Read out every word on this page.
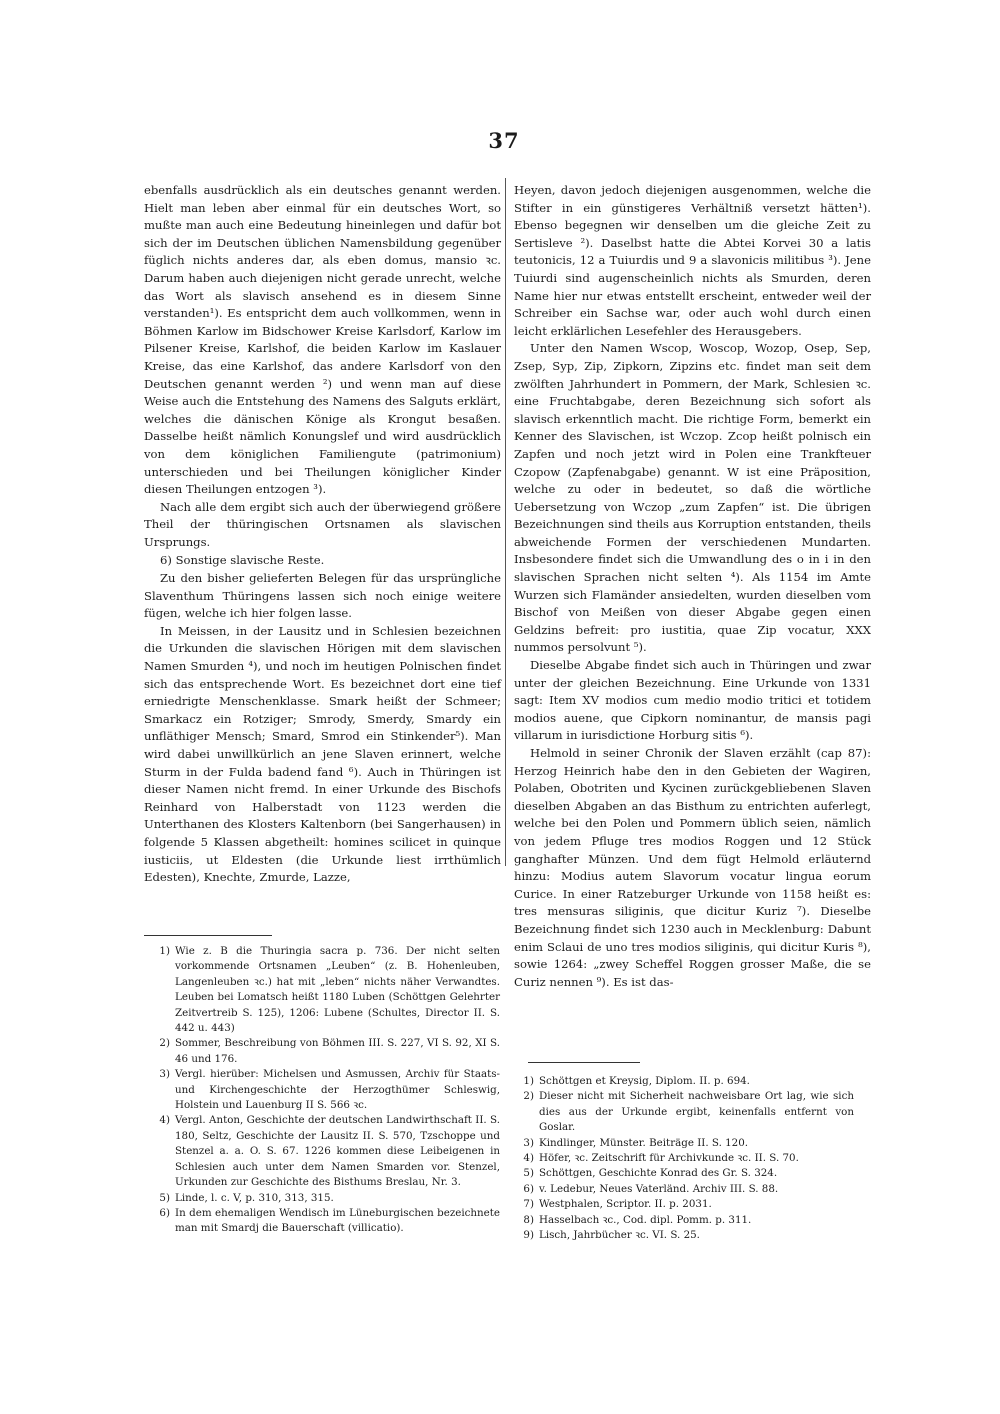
37

ebenfalls ausdrücklich als ein deutsches genannt werden. Hielt man leben aber einmal für ein deutsches Wort, so mußte man auch eine Bedeutung hineinlegen und dafür bot sich der im Deutschen üblichen Namensbildung gegenüber füglich nichts anderes dar, als eben domus, mansio ꝛc. Darum haben auch diejenigen nicht gerade unrecht, welche das Wort als slavisch ansehend es in diesem Sinne verstanden¹). Es entspricht dem auch vollkommen, wenn in Böhmen Karlow im Bidschower Kreise Karlsdorf, Karlow im Pilsener Kreise, Karlshof, die beiden Karlow im Kaslauer Kreise, das eine Karlshof, das andere Karlsdorf von den Deutschen genannt werden ²) und wenn man auf diese Weise auch die Entstehung des Namens des Salguts erklärt, welches die dänischen Könige als Krongut besaßen. Dasselbe heißt nämlich Konungslef und wird ausdrücklich von dem königlichen Familiengute (patrimonium) unterschieden und bei Theilungen königlicher Kinder diesen Theilungen entzogen ³).

Nach alle dem ergibt sich auch der überwiegend größere Theil der thüringischen Ortsnamen als slavischen Ursprungs.

6) Sonstige slavische Reste.

Zu den bisher gelieferten Belegen für das ursprüngliche Slaventhum Thüringens lassen sich noch einige weitere fügen, welche ich hier folgen lasse.

In Meissen, in der Lausitz und in Schlesien bezeichnen die Urkunden die slavischen Hörigen mit dem slavischen Namen Smurden ⁴), und noch im heutigen Polnischen findet sich das entsprechende Wort. Es bezeichnet dort eine tief erniedrigte Menschenklasse. Smark heißt der Schmeer; Smarkacz ein Rotziger; Smrody, Smerdy, Smardy ein unfläthiger Mensch; Smard, Smrod ein Stinkender⁵). Man wird dabei unwillkürlich an jene Slaven erinnert, welche Sturm in der Fulda badend fand ⁶). Auch in Thüringen ist dieser Namen nicht fremd. In einer Urkunde des Bischofs Reinhard von Halberstadt von 1123 werden die Unterthanen des Klosters Kaltenborn (bei Sangerhausen) in folgende 5 Klassen abgetheilt: homines scilicet in quinque iusticiis, ut Eldesten (die Urkunde liest irrthümlich Edesten), Knechte, Zmurde, Lazze,

Heyen, davon jedoch diejenigen ausgenommen, welche die Stifter in ein günstigeres Verhältniß versetzt hätten¹). Ebenso begegnen wir denselben um die gleiche Zeit zu Sertisleve ²). Daselbst hatte die Abtei Korvei 30 a latis teutonicis, 12 a Tuiurdis und 9 a slavonicis militibus ³). Jene Tuiurdi sind augenscheinlich nichts als Smurden, deren Name hier nur etwas entstellt erscheint, entweder weil der Schreiber ein Sachse war, oder auch wohl durch einen leicht erklärlichen Lesefehler des Herausgebers.

Unter den Namen Wscop, Woscop, Wozop, Osep, Sep, Zsep, Syp, Zip, Zipkorn, Zipzins etc. findet man seit dem zwölften Jahrhundert in Pommern, der Mark, Schlesien ꝛc. eine Fruchtabgabe, deren Bezeichnung sich sofort als slavisch erkenntlich macht. Die richtige Form, bemerkt ein Kenner des Slavischen, ist Wczop. Zcop heißt polnisch ein Zapfen und noch jetzt wird in Polen eine Trankfteuer Czopow (Zapfenabgabe) genannt. W ist eine Präposition, welche zu oder in bedeutet, so daß die wörtliche Uebersetzung von Wczop „zum Zapfen“ ist. Die übrigen Bezeichnungen sind theils aus Korruption entstanden, theils abweichende Formen der verschiedenen Mundarten. Insbesondere findet sich die Umwandlung des o in i in den slavischen Sprachen nicht selten ⁴). Als 1154 im Amte Wurzen sich Flamänder ansiedelten, wurden dieselben vom Bischof von Meißen von dieser Abgabe gegen einen Geldzins befreit: pro iustitia, quae Zip vocatur, XXX nummos persolvunt ⁵).

Dieselbe Abgabe findet sich auch in Thüringen und zwar unter der gleichen Bezeichnung. Eine Urkunde von 1331 sagt: Item XV modios cum medio modio tritici et totidem modios auene, que Cipkorn nominantur, de mansis pagi villarum in iurisdictione Horburg sitis ⁶).

Helmold in seiner Chronik der Slaven erzählt (cap 87): Herzog Heinrich habe den in den Gebieten der Wagiren, Polaben, Obotriten und Kycinen zurückgebliebenen Slaven dieselben Abgaben an das Bisthum zu entrichten auferlegt, welche bei den Polen und Pommern üblich seien, nämlich von jedem Pfluge tres modios Roggen und 12 Stück ganghafter Münzen. Und dem fügt Helmold erläuternd hinzu: Modius autem Slavorum vocatur lingua eorum Curice. In einer Ratzeburger Urkunde von 1158 heißt es: tres mensuras siliginis, que dicitur Kuriz ⁷). Dieselbe Bezeichnung findet sich 1230 auch in Mecklenburg: Dabunt enim Sclaui de uno tres modios siliginis, qui dicitur Kuris ⁸), sowie 1264: „zwey Scheffel Roggen grosser Maße, die se Curiz nennen ⁹). Es ist das-

1) Wie z. B die Thuringia sacra p. 736. Der nicht selten vorkommende Ortsnamen „Leuben“ (z. B. Hohenleuben, Langenleuben ꝛc.) hat mit „leben“ nichts näher Verwandtes. Leuben bei Lomatsch heißt 1180 Luben (Schöttgen Gelehrter Zeitvertreib S. 125), 1206: Lubene (Schultes, Director II. S. 442 u. 443)
2) Sommer, Beschreibung von Böhmen III. S. 227, VI S. 92, XI S. 46 und 176.
3) Vergl. hierüber: Michelsen und Asmussen, Archiv für Staats- und Kirchengeschichte der Herzogthümer Schleswig, Holstein und Lauenburg II S. 566 ꝛc.
4) Vergl. Anton, Geschichte der deutschen Landwirthschaft II. S. 180, Seltz, Geschichte der Lausitz II. S. 570, Tzschoppe und Stenzel a. a. O. S. 67. 1226 kommen diese Leibeigenen in Schlesien auch unter dem Namen Smarden vor. Stenzel, Urkunden zur Geschichte des Bisthums Breslau, Nr. 3.
5) Linde, l. c. V, p. 310, 313, 315.
6) In dem ehemaligen Wendisch im Lüneburgischen bezeichnete man mit Smardj die Bauerschaft (villicatio).
1) Schöttgen et Kreysig, Diplom. II. p. 694.
2) Dieser nicht mit Sicherheit nachweisbare Ort lag, wie sich dies aus der Urkunde ergibt, keinenfalls entfernt von Goslar.
3) Kindlinger, Münster. Beiträge II. S. 120.
4) Höfer, ꝛc. Zeitschrift für Archivkunde ꝛc. II. S. 70.
5) Schöttgen, Geschichte Konrad des Gr. S. 324.
6) v. Ledebur, Neues Vaterländ. Archiv III. S. 88.
7) Westphalen, Scriptor. II. p. 2031.
8) Hasselbach ꝛc., Cod. dipl. Pomm. p. 311.
9) Lisch, Jahrbücher ꝛc. VI. S. 25.
